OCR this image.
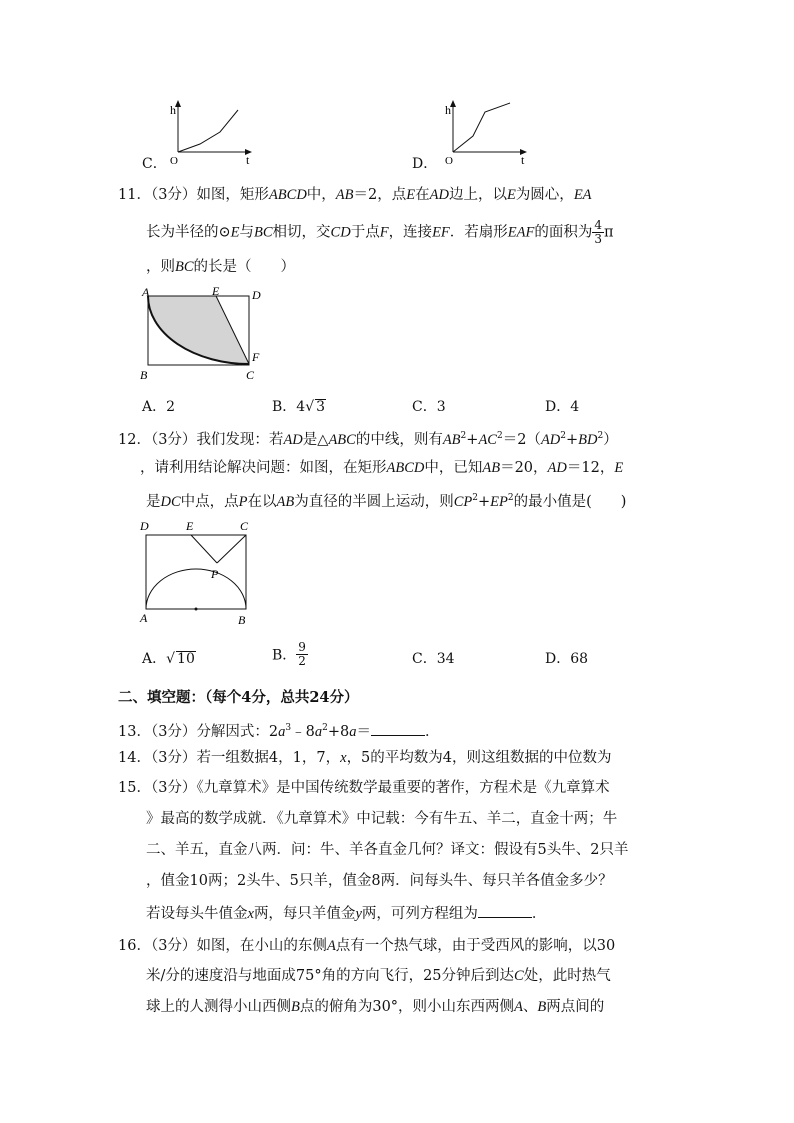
C．
h
O	t	D．
h
O	t
11．（3分）如图，矩形ABCD中，AB＝2，点E在AD边上，以E为圆心，EA
长为半径的⊙E与BC相切，交CD于点F，连接EF．若扇形EAF的面积为 $\frac{4}{3}$ π
，则BC的长是（　　）
A	E	D
F
B	C
A．2	B．4√ 3	C．3	D．4
12．（3分）我们发现：若AD是△ABC的中线，则有$AB^2+AC^2=2(AD^2+BD^2)$
，请利用结论解决问题：如图，在矩形ABCD中，已知AB＝20，AD＝12，E
是DC中点，点P在以AB为直径的半圆上运动，则$CP^2+EP^2$的最小值是(　　)
D	E	C
P
A	B
A．√ 10	B． $\frac{9}{2}$	C．34	D．68
二、填空题：（每个4分，总共24分）
13．（3分）分解因式：$2a^3﹣8a^2+8a=$	．
14．（3分）若一组数据4，1，7，x，5的平均数为4，则这组数据的中位数为
15．（3分）《九章算术》是中国传统数学最重要的著作，方程术是《九章算术
》最高的数学成就．《九章算术》中记载：今有牛五、羊二，直金十两；牛
二、羊五，直金八两．问：牛、羊各直金几何？译文：假设有5头牛、2只羊
，值金10两；2头牛、5只羊，值金8两．问每头牛、每只羊各值金多少？
若设每头牛值金x两，每只羊值金y两，可列方程组为	．
16．（3分）如图，在小山的东侧A点有一个热气球，由于受西风的影响，以30
米/分的速度沿与地面成75°角的方向飞行，25分钟后到达C处，此时热气
球上的人测得小山西侧B点的俯角为30°，则小山东西两侧A、B两点间的
